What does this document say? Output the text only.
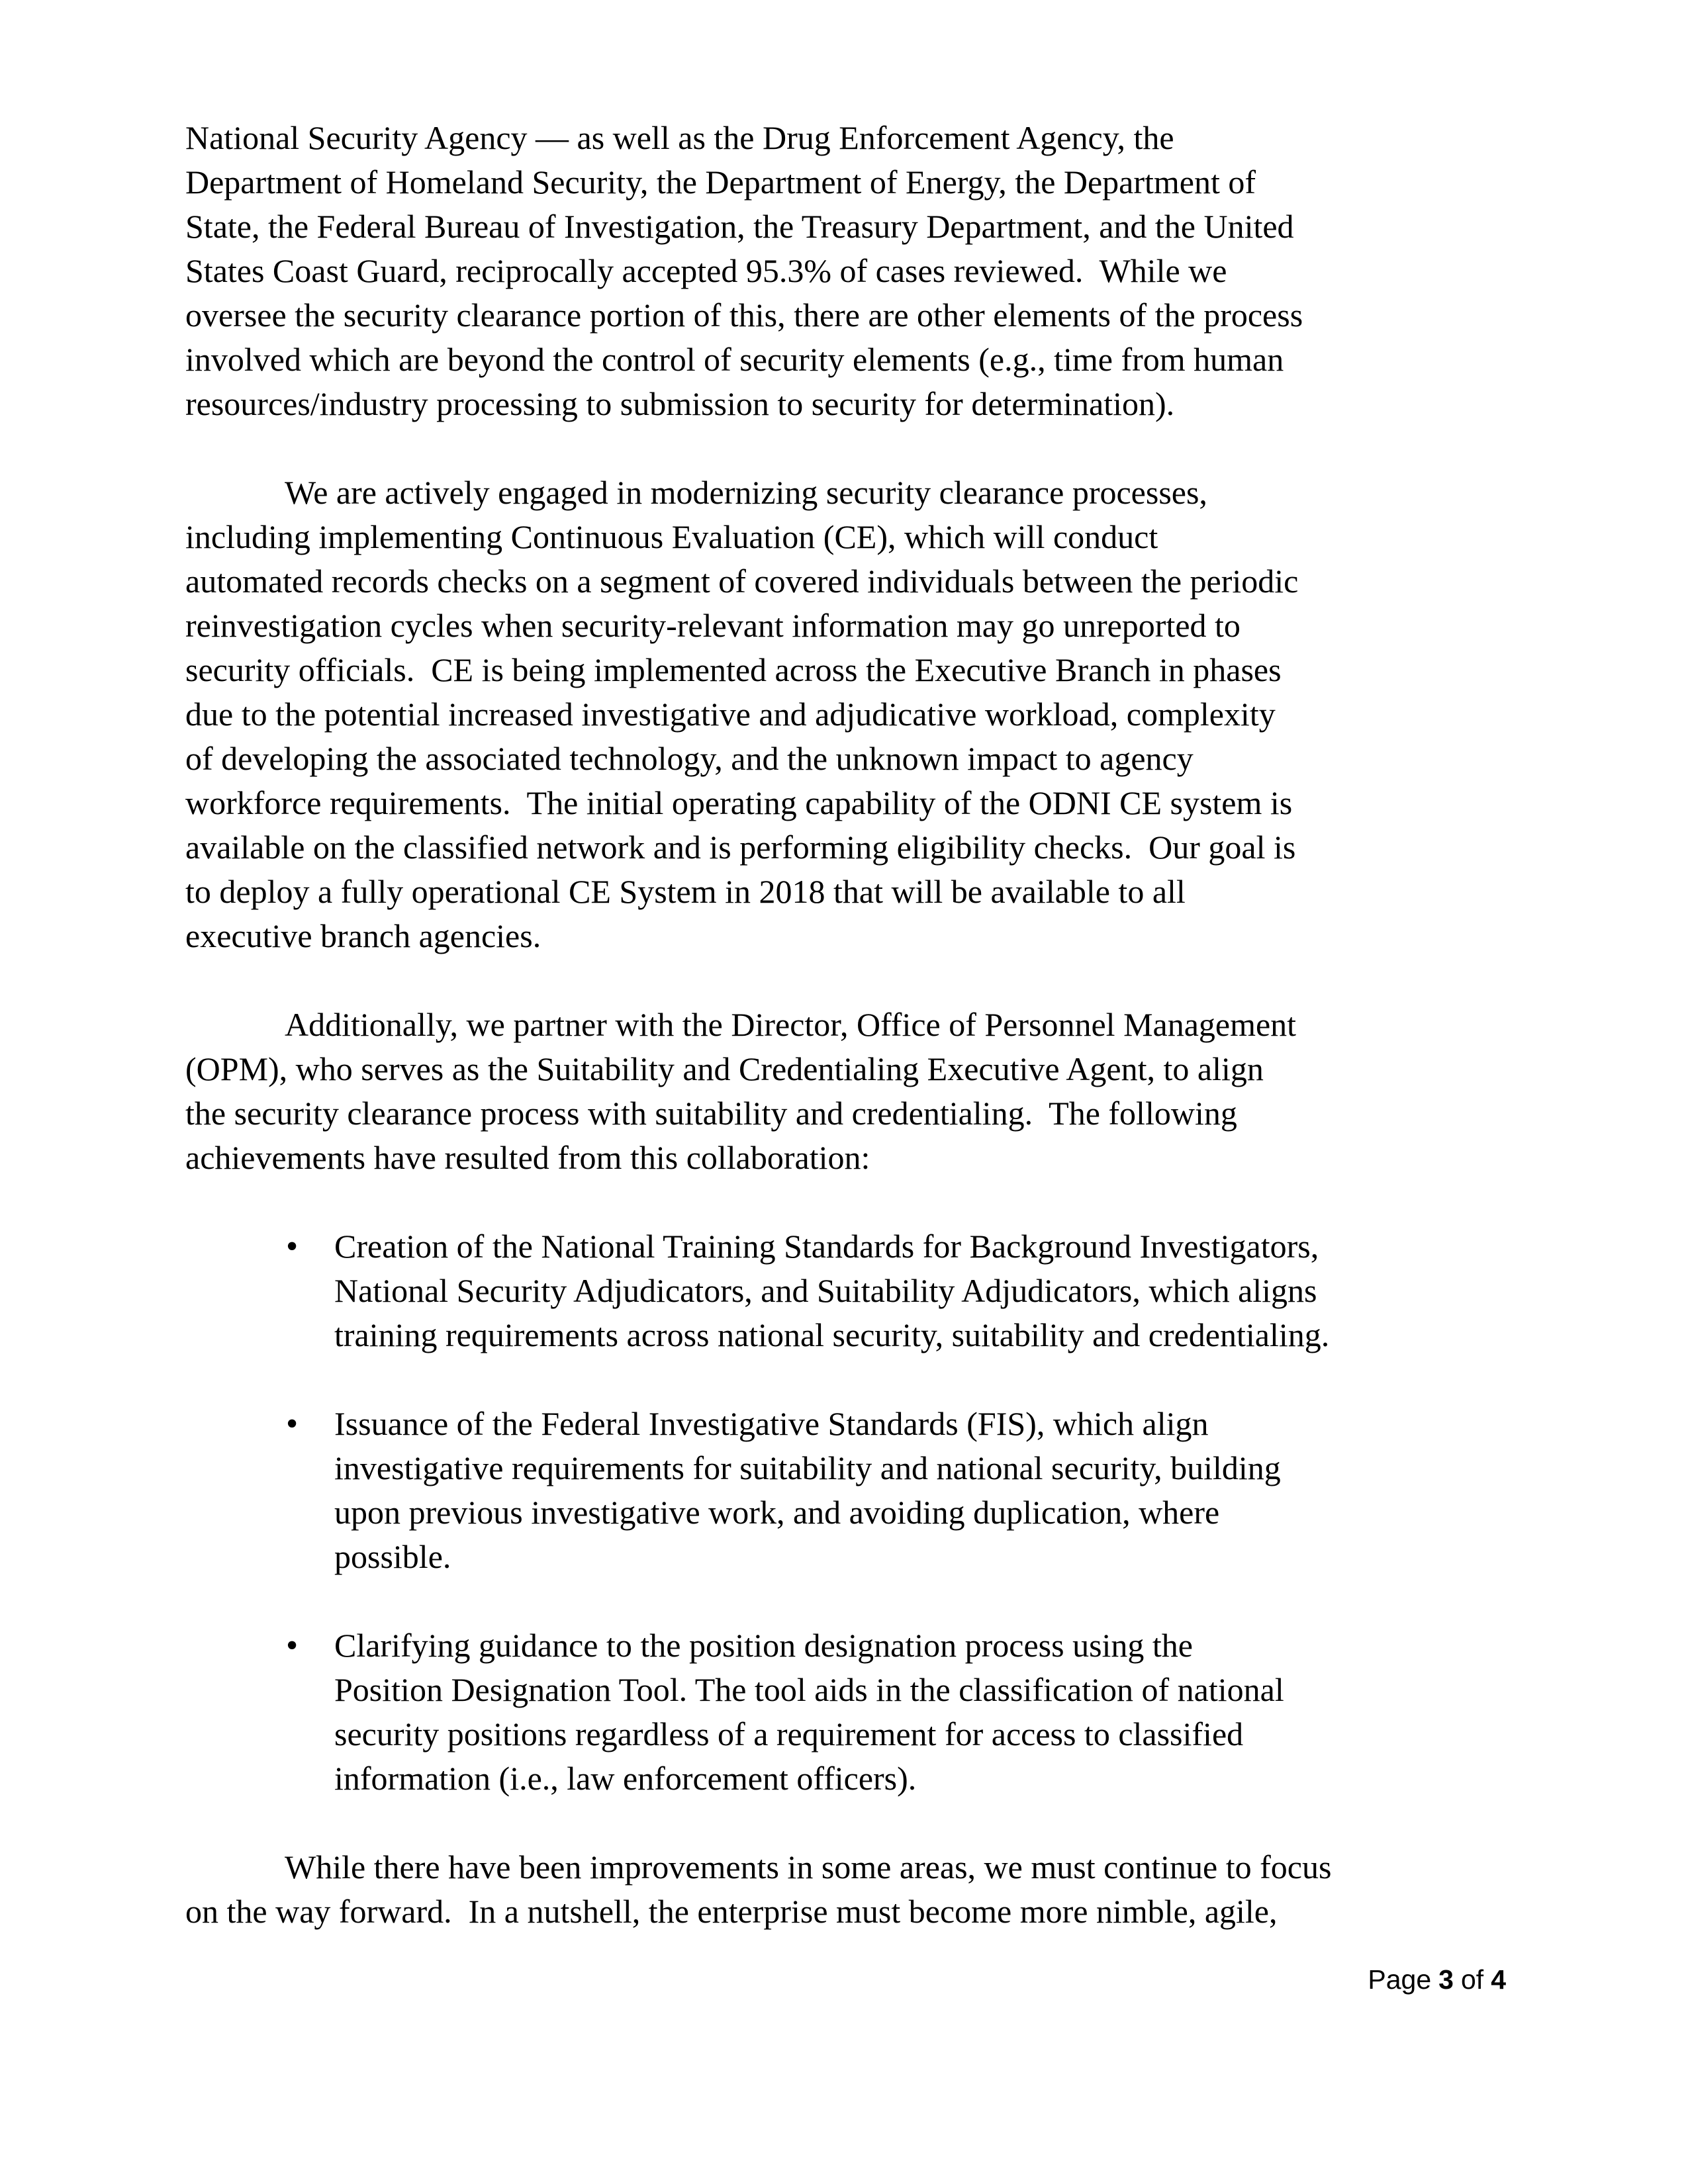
National Security Agency — as well as the Drug Enforcement Agency, the
Department of Homeland Security, the Department of Energy, the Department of
State, the Federal Bureau of Investigation, the Treasury Department, and the United
States Coast Guard, reciprocally accepted 95.3% of cases reviewed.  While we
oversee the security clearance portion of this, there are other elements of the process
involved which are beyond the control of security elements (e.g., time from human
resources/industry processing to submission to security for determination).
We are actively engaged in modernizing security clearance processes,
including implementing Continuous Evaluation (CE), which will conduct
automated records checks on a segment of covered individuals between the periodic
reinvestigation cycles when security-relevant information may go unreported to
security officials.  CE is being implemented across the Executive Branch in phases
due to the potential increased investigative and adjudicative workload, complexity
of developing the associated technology, and the unknown impact to agency
workforce requirements.  The initial operating capability of the ODNI CE system is
available on the classified network and is performing eligibility checks.  Our goal is
to deploy a fully operational CE System in 2018 that will be available to all
executive branch agencies.
Additionally, we partner with the Director, Office of Personnel Management
(OPM), who serves as the Suitability and Credentialing Executive Agent, to align
the security clearance process with suitability and credentialing.  The following
achievements have resulted from this collaboration:
• Creation of the National Training Standards for Background Investigators,
National Security Adjudicators, and Suitability Adjudicators, which aligns
training requirements across national security, suitability and credentialing.
• Issuance of the Federal Investigative Standards (FIS), which align
investigative requirements for suitability and national security, building
upon previous investigative work, and avoiding duplication, where
possible.
• Clarifying guidance to the position designation process using the
Position Designation Tool. The tool aids in the classification of national
security positions regardless of a requirement for access to classified
information (i.e., law enforcement officers).
While there have been improvements in some areas, we must continue to focus
on the way forward.  In a nutshell, the enterprise must become more nimble, agile,
Page 3 of 4
